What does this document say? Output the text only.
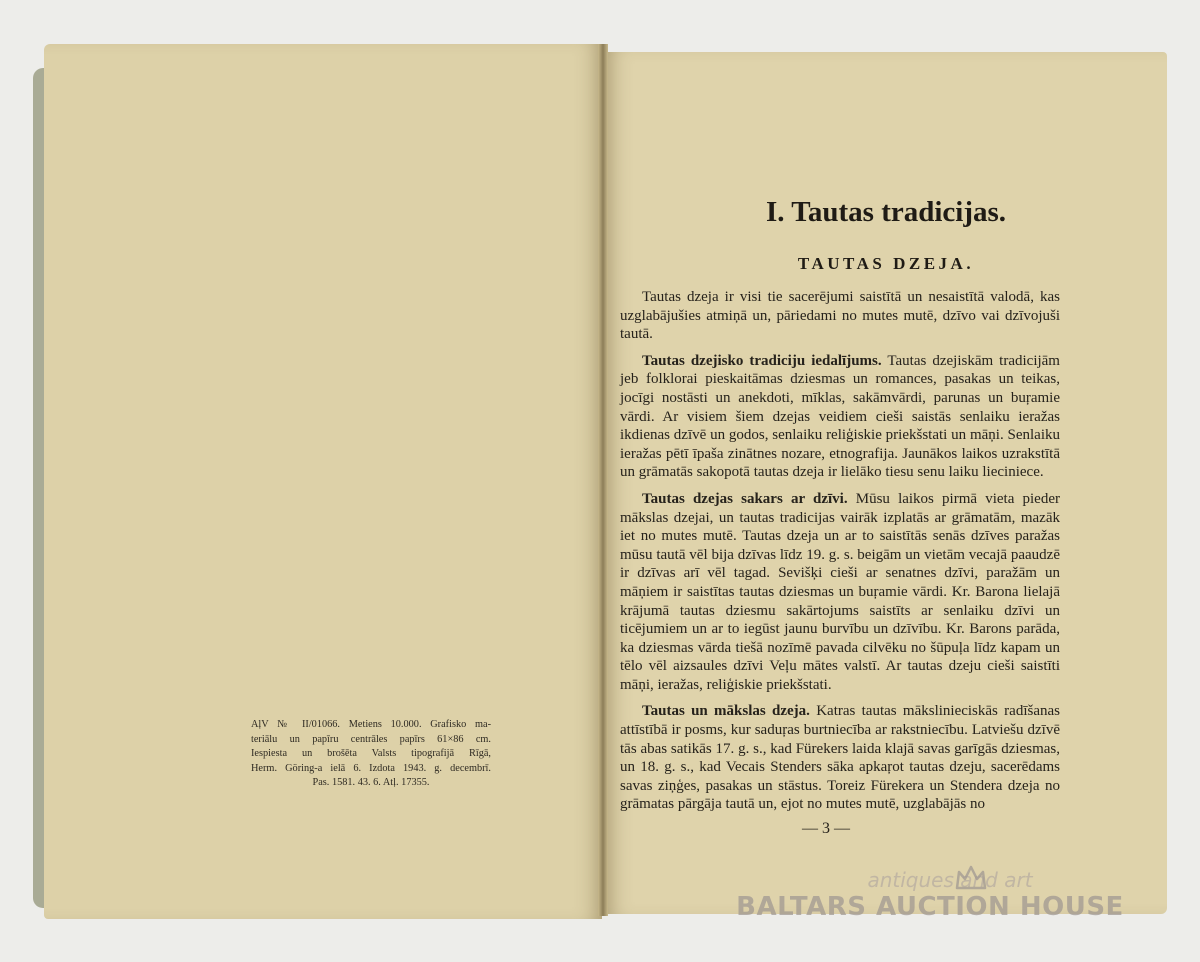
AļV № II/01066. Metiens 10.000. Grafisko ma-
teriālu un papīru centrāles papīrs 61×86 cm.
Iespiesta un brošēta Valsts tipografijā Rīgā,
Herm. Göring-a ielā 6. Izdota 1943. g. decembrī.
Pas. 1581. 43. 6. Atļ. 17355.
I. Tautas tradicijas.
TAUTAS DZEJA.

Tautas dzeja ir visi tie sacerējumi saistītā un nesaistītā valodā, kas uzglabājušies atmiņā un, pāriedami no mutes mutē, dzīvo vai dzīvojuši tautā.

Tautas dzejisko tradiciju iedalījums. Tautas dzejiskām tradicijām jeb folklorai pieskaitāmas dziesmas un romances, pasakas un teikas, jocīgi nostāsti un anekdoti, mīklas, sakāmvārdi, parunas un buŗamie vārdi. Ar visiem šiem dzejas veidiem cieši saistās senlaiku ieražas ikdienas dzīvē un godos, senlaiku reliģiskie priekšstati un māņi. Senlaiku ieražas pētī īpaša zinātnes nozare, etnografija. Jaunākos laikos uzrakstītā un grāmatās sakopotā tautas dzeja ir lielāko tiesu senu laiku lieciniece.

Tautas dzejas sakars ar dzīvi. Mūsu laikos pirmā vieta pieder mākslas dzejai, un tautas tradicijas vairāk izplatās ar grāmatām, mazāk iet no mutes mutē. Tautas dzeja un ar to saistītās senās dzīves paražas mūsu tautā vēl bija dzīvas līdz 19. g. s. beigām un vietām vecajā paaudzē ir dzīvas arī vēl tagad. Sevišķi cieši ar senatnes dzīvi, paražām un māņiem ir saistītas tautas dziesmas un buŗamie vārdi. Kr. Barona lielajā krājumā tautas dziesmu sakārtojums saistīts ar senlaiku dzīvi un ticējumiem un ar to iegūst jaunu burvību un dzīvību. Kr. Barons parāda, ka dziesmas vārda tiešā nozīmē pavada cilvēku no šūpuļa līdz kapam un tēlo vēl aizsaules dzīvi Veļu mātes valstī. Ar tautas dzeju cieši saistīti māņi, ieražas, reliģiskie priekšstati.

Tautas un mākslas dzeja. Katras tautas mākslinieciskās radīšanas attīstībā ir posms, kur saduŗas burtniecība ar rakstniecību. Latviešu dzīvē tās abas satikās 17. g. s., kad Fürekers laida klajā savas garīgās dziesmas, un 18. g. s., kad Vecais Stenders sāka apkaŗot tautas dzeju, sacerēdams savas ziņģes, pasakas un stāstus. Toreiz Fürekera un Stendera dzeja no grāmatas pārgāja tautā un, ejot no mutes mutē, uzglabājās no

— 3 —
antiques and art
BALTARS AUCTION HOUSE
